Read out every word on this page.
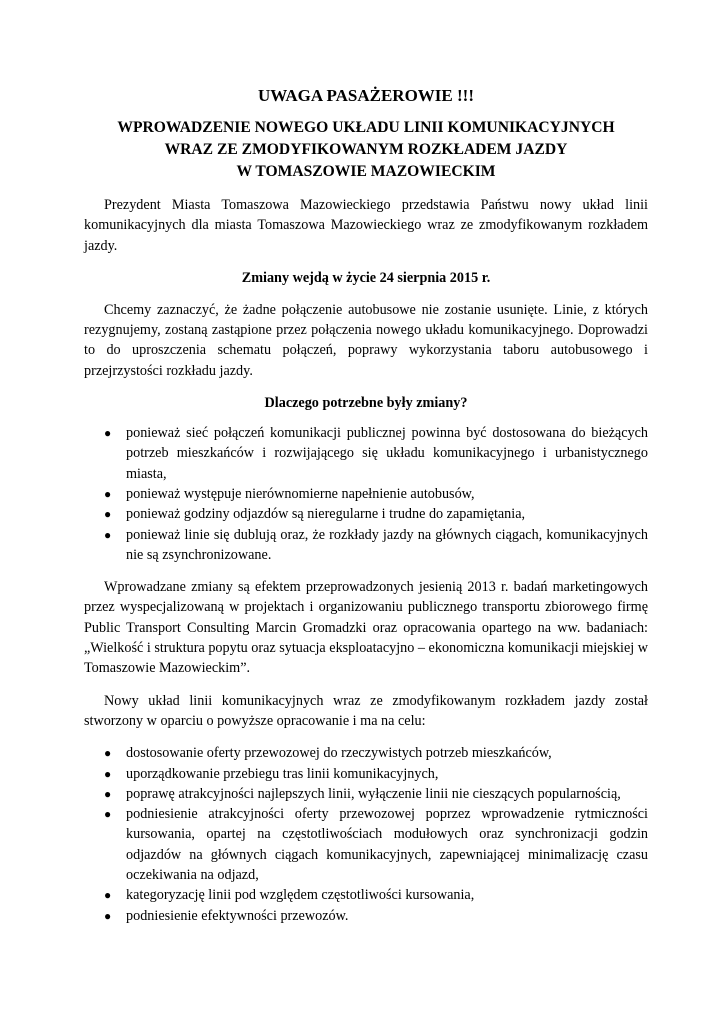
UWAGA PASAŻEROWIE !!!
WPROWADZENIE NOWEGO UKŁADU LINII KOMUNIKACYJNYCH
WRAZ ZE ZMODYFIKOWANYM ROZKŁADEM JAZDY
W TOMASZOWIE MAZOWIECKIM

Prezydent Miasta Tomaszowa Mazowieckiego przedstawia Państwu nowy układ linii komunikacyjnych dla miasta Tomaszowa Mazowieckiego wraz ze zmodyfikowanym rozkładem jazdy.

Zmiany wejdą w życie 24 sierpnia 2015 r.

Chcemy zaznaczyć, że żadne połączenie autobusowe nie zostanie usunięte. Linie, z których rezygnujemy, zostaną zastąpione przez połączenia nowego układu komunikacyjnego. Doprowadzi to do uproszczenia schematu połączeń, poprawy wykorzystania taboru autobusowego i przejrzystości rozkładu jazdy.

Dlaczego potrzebne były zmiany?
● ponieważ sieć połączeń komunikacji publicznej powinna być dostosowana do bieżących potrzeb mieszkańców i rozwijającego się układu komunikacyjnego i urbanistycznego miasta,
● ponieważ występuje nierównomierne napełnienie autobusów,
● ponieważ godziny odjazdów są nieregularne i trudne do zapamiętania,
● ponieważ linie się dublują oraz, że rozkłady jazdy na głównych ciągach, komunikacyjnych nie są zsynchronizowane.

Wprowadzane zmiany są efektem przeprowadzonych jesienią 2013 r. badań marketingowych przez wyspecjalizowaną w projektach i organizowaniu publicznego transportu zbiorowego firmę Public Transport Consulting Marcin Gromadzki oraz opracowania opartego na ww. badaniach: „Wielkość i struktura popytu oraz sytuacja eksploatacyjno – ekonomiczna komunikacji miejskiej w Tomaszowie Mazowieckim”.

Nowy układ linii komunikacyjnych wraz ze zmodyfikowanym rozkładem jazdy został stworzony w oparciu o powyższe opracowanie i ma na celu:

● dostosowanie oferty przewozowej do rzeczywistych potrzeb mieszkańców,
● uporządkowanie przebiegu tras linii komunikacyjnych,
● poprawę atrakcyjności najlepszych linii, wyłączenie linii nie cieszących popularnością,
● podniesienie atrakcyjności oferty przewozowej poprzez wprowadzenie rytmiczności kursowania, opartej na częstotliwościach modułowych oraz synchronizacji godzin odjazdów na głównych ciągach komunikacyjnych, zapewniającej minimalizację czasu oczekiwania na odjazd,
● kategoryzację linii pod względem częstotliwości kursowania,
● podniesienie efektywności przewozów.
